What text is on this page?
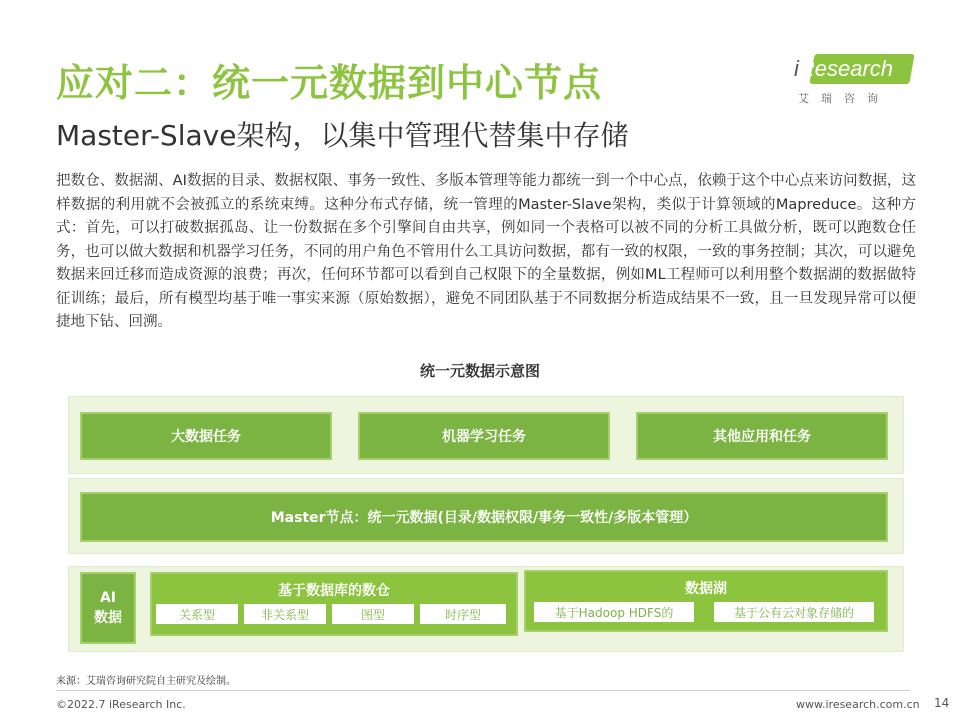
应对二：统一元数据到中心节点
Master-Slave架构，以集中管理代替集中存储
iResearch
艾瑞咨询
把数仓、数据湖、AI数据的目录、数据权限、事务一致性、多版本管理等能力都统一到一个中心点，依赖于这个中心点来访问数据，这样数据的利用就不会被孤立的系统束缚。这种分布式存储，统一管理的Master-Slave架构，类似于计算领域的Mapreduce。这种方式：首先，可以打破数据孤岛、让一份数据在多个引擎间自由共享，例如同一个表格可以被不同的分析工具做分析，既可以跑数仓任务，也可以做大数据和机器学习任务，不同的用户角色不管用什么工具访问数据，都有一致的权限，一致的事务控制；其次，可以避免数据来回迁移而造成资源的浪费；再次，任何环节都可以看到自己权限下的全量数据，例如ML工程师可以利用整个数据湖的数据做特征训练；最后，所有模型均基于唯一事实来源（原始数据），避免不同团队基于不同数据分析造成结果不一致，且一旦发现异常可以便捷地下钻、回溯。
统一元数据示意图
大数据任务	机器学习任务	其他应用和任务
Master节点：统一元数据(目录/数据权限/事务一致性/多版本管理）
AI
数据
基于数据库的数仓
关系型	非关系型	图型	时序型
数据湖
基于Hadoop HDFS的	基于公有云对象存储的
来源：艾瑞咨询研究院自主研究及绘制。
©2022.7 iResearch Inc.	www.iresearch.com.cn 14
